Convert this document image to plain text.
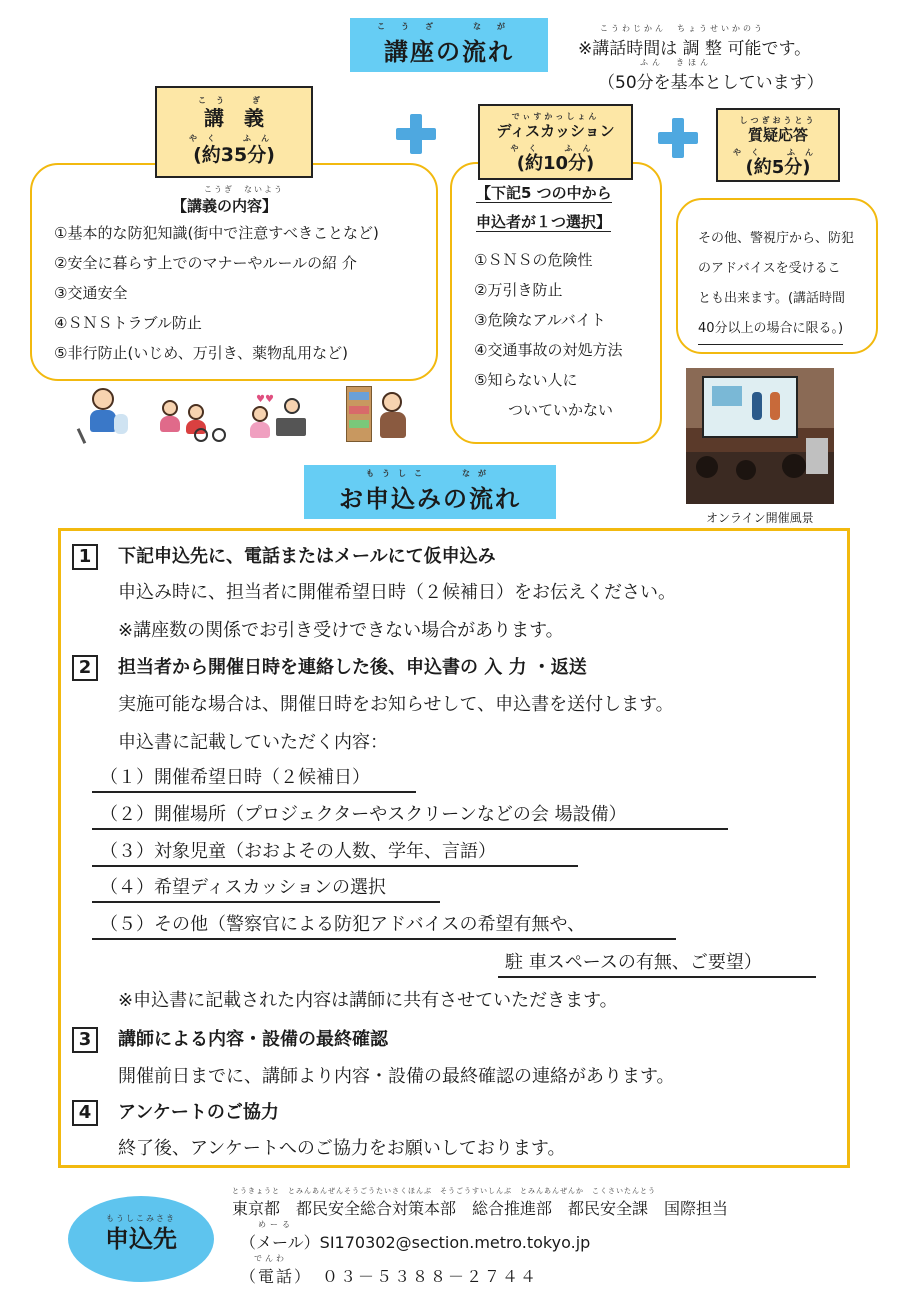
こうざ　なが
講座の流れ
こうわじかん　ちょうせいかのう
※講話時間は 調 整 可能です。
ふん　きほん
（50分を基本としています）
こうぎ　ないよう
【講義の内容】
①基本的な防犯知識(街中で注意すべきことなど)
②安全に暮らす上でのマナーやルールの紹 介
③交通安全
④ＳＮＳトラブル防止
⑤非行防止(いじめ、万引き、薬物乱用など)
こう　ぎ
講　義
やく　ふん
(約35分)
【下記5 つの中から 申込者が１つ選択】
①ＳＮＳの危険性
②万引き防止
③危険なアルバイト
④交通事故の対処方法
⑤知らない人に
ついていかない
でぃすかっしょん
ディスカッション
やく　ふん
(約10分)
しつぎおうとう
質疑応答
やく　ふん
(約5分)
その他、警視庁から、防犯
のアドバイスを受けるこ
とも出来ます。(講話時間
40分以上の場合に限る。)
オンライン開催風景
♥♥
もうしこ　　なが
お申込みの流れ
1	下記申込先に、電話またはメールにて仮申込み
申込み時に、担当者に開催希望日時（２候補日）をお伝えください。
※講座数の関係でお引き受けできない場合があります。
2	担当者から開催日時を連絡した後、申込書の 入 力 ・返送
実施可能な場合は、開催日時をお知らせして、申込書を送付します。
申込書に記載していただく内容：
（１）開催希望日時（２候補日）
（２）開催場所（プロジェクターやスクリーンなどの会 場設備）
（３）対象児童（おおよその人数、学年、言語）
（４）希望ディスカッションの選択
（５）その他（警察官による防犯アドバイスの希望有無や、
駐 車スペースの有無、ご要望）
※申込書に記載された内容は講師に共有させていただきます。
3	講師による内容・設備の最終確認
開催前日までに、講師より内容・設備の最終確認の連絡があります。
4	アンケートのご協力
終了後、アンケートへのご協力をお願いしております。
もうしこみさき
申込先
とうきょうと　とみんあんぜんそうごうたいさくほんぶ　そうごうすいしんぶ　とみんあんぜんか　こくさいたんとう
東京都　都民安全総合対策本部　総合推進部　都民安全課　国際担当
めーる
（メール）SI170302@section.metro.tokyo.jp
でんわ
（電話）　０３－５３８８－２７４４
